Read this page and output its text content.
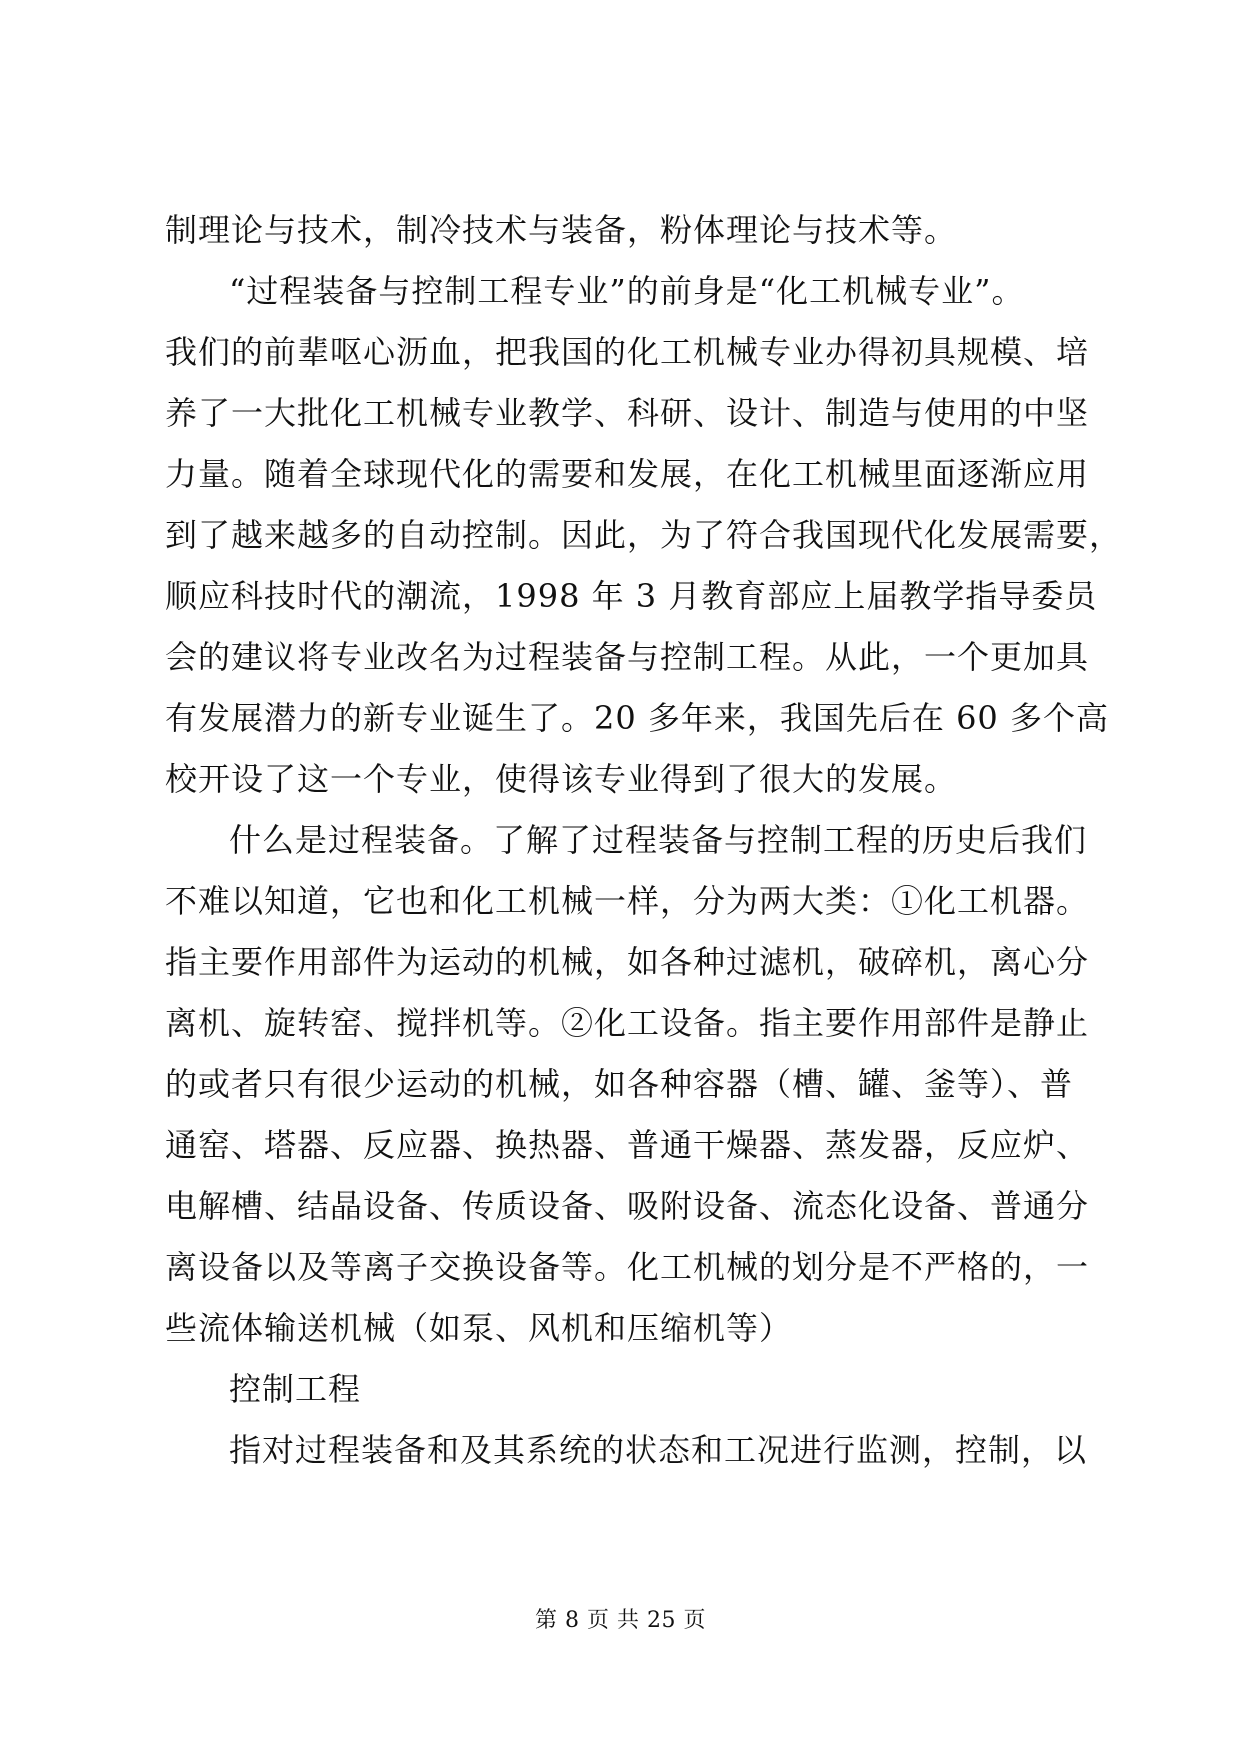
制理论与技术，制冷技术与装备，粉体理论与技术等。
“过程装备与控制工程专业”的前身是“化工机械专业”。
我们的前辈呕心沥血，把我国的化工机械专业办得初具规模、培
养了一大批化工机械专业教学、科研、设计、制造与使用的中坚
力量。随着全球现代化的需要和发展，在化工机械里面逐渐应用
到了越来越多的自动控制。因此，为了符合我国现代化发展需要，
顺应科技时代的潮流，1998 年 3 月教育部应上届教学指导委员
会的建议将专业改名为过程装备与控制工程。从此，一个更加具
有发展潜力的新专业诞生了。20 多年来，我国先后在 60 多个高
校开设了这一个专业，使得该专业得到了很大的发展。
什么是过程装备。了解了过程装备与控制工程的历史后我们
不难以知道，它也和化工机械一样，分为两大类：①化工机器。
指主要作用部件为运动的机械，如各种过滤机，破碎机，离心分
离机、旋转窑、搅拌机等。②化工设备。指主要作用部件是静止
的或者只有很少运动的机械，如各种容器（槽、罐、釜等）、普
通窑、塔器、反应器、换热器、普通干燥器、蒸发器，反应炉、
电解槽、结晶设备、传质设备、吸附设备、流态化设备、普通分
离设备以及等离子交换设备等。化工机械的划分是不严格的，一
些流体输送机械（如泵、风机和压缩机等）
控制工程
指对过程装备和及其系统的状态和工况进行监测，控制，以
第 8 页 共 25 页
